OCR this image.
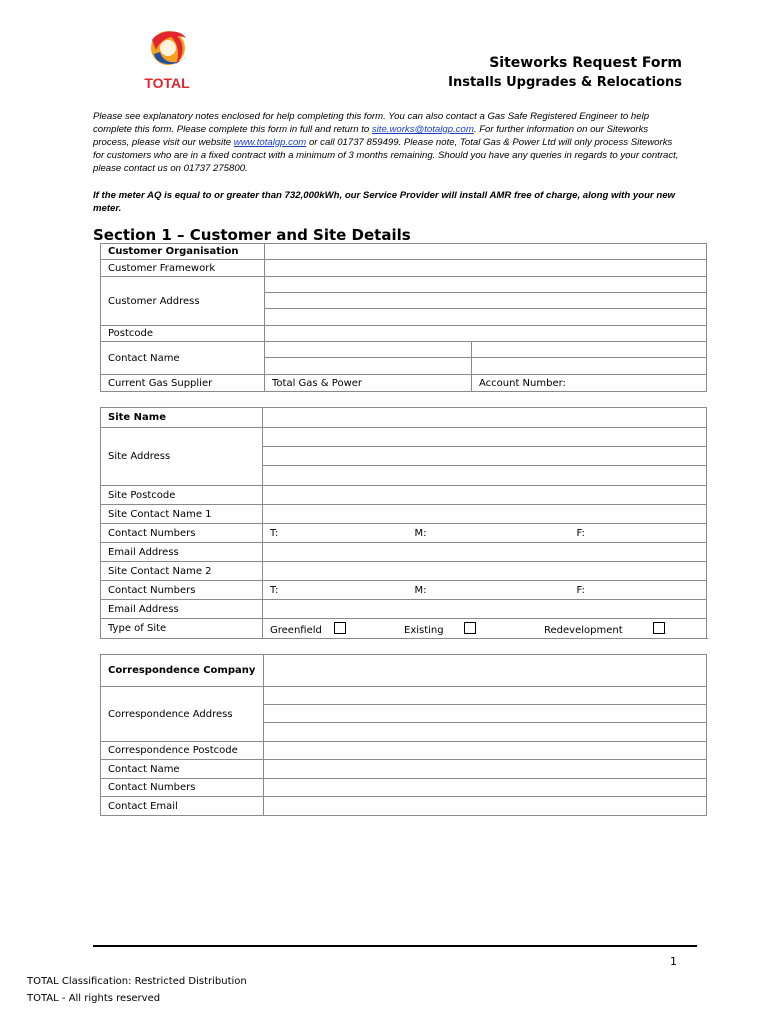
TOTAL
Siteworks Request Form
Installs Upgrades & Relocations
Please see explanatory notes enclosed for help completing this form. You can also contact a Gas Safe Registered Engineer to help complete this form. Please complete this form in full and return to site.works@totalgp.com. For further information on our Siteworks process, please visit our website www.totalgp.com or call 01737 859499. Please note, Total Gas & Power Ltd will only process Siteworks for customers who are in a fixed contract with a minimum of 3 months remaining. Should you have any queries in regards to your contract, please contact us on 01737 275800.
If the meter AQ is equal to or greater than 732,000kWh, our Service Provider will install AMR free of charge, along with your new meter.
Section 1 – Customer and Site Details
Customer Organisation		
Customer Framework		
Customer Address		

Postcode		
Contact Name		

Current Gas Supplier	Total Gas & Power	Account Number:
Site Name			
Site Address			

Site Postcode			
Site Contact Name 1			
Contact Numbers	T:	M:	F:
Email Address			
Site Contact Name 2			
Contact Numbers	T:	M:	F:
Email Address			
Type of Site	Greenfield Existing Redevelopment		
Correspondence Company	
Correspondence Address	

Correspondence Postcode	
Contact Name	
Contact Numbers	
Contact Email	
1
TOTAL Classification: Restricted Distribution
TOTAL - All rights reserved
